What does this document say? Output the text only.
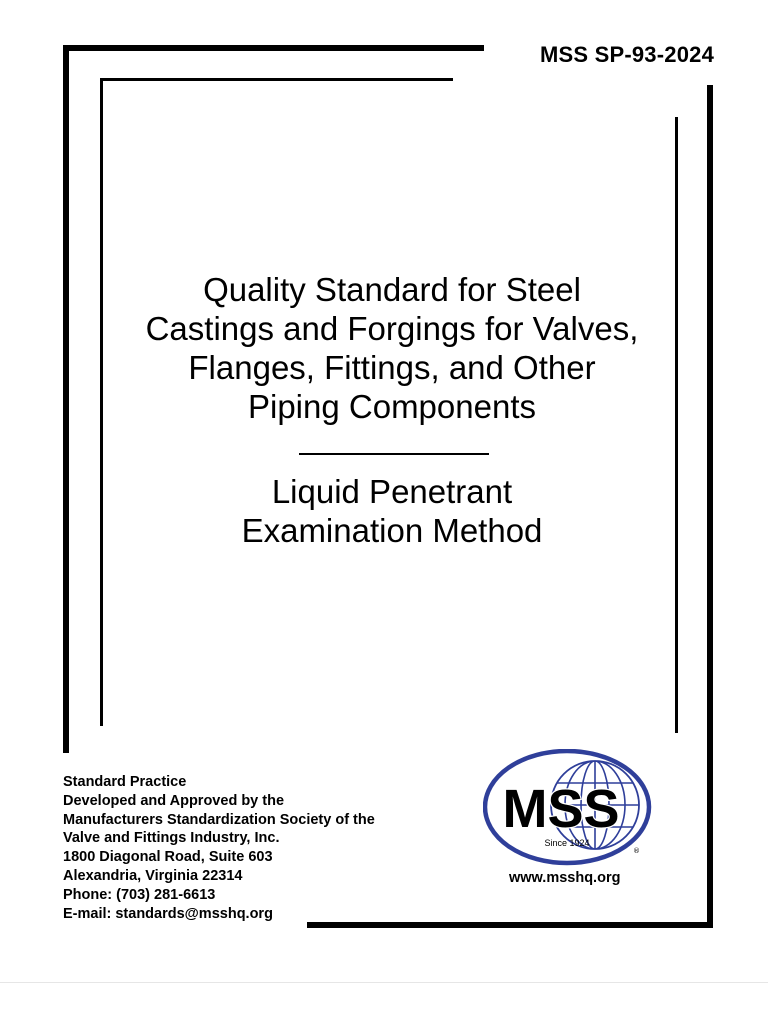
MSS SP-93-2024
Quality Standard for Steel
Castings and Forgings for Valves,
Flanges, Fittings, and Other
Piping Components
Liquid Penetrant
Examination Method
Standard Practice
Developed and Approved by the
Manufacturers Standardization Society of the
Valve and Fittings Industry, Inc.
1800 Diagonal Road, Suite 603
Alexandria, Virginia 22314
Phone: (703) 281-6613
E-mail: standards@msshq.org
MSS
Since 1924
®
www.msshq.org
